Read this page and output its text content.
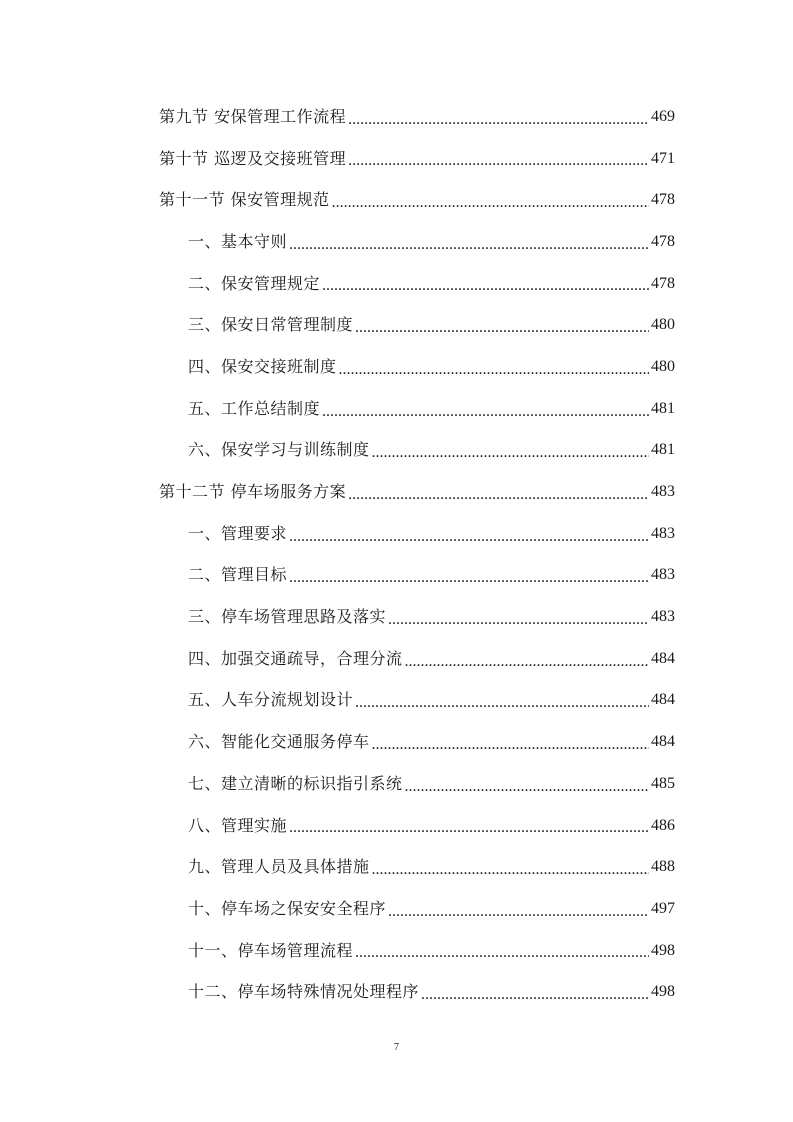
第九节 安保管理工作流程 .....	469
第十节 巡逻及交接班管理 .....	471
第十一节 保安管理规范 .....	478
一、基本守则 .....	478
二、保安管理规定 .....	478
三、保安日常管理制度 .....	480
四、保安交接班制度 .....	480
五、工作总结制度 .....	481
六、保安学习与训练制度 .....	481
第十二节 停车场服务方案 .....	483
一、管理要求 .....	483
二、管理目标 .....	483
三、停车场管理思路及落实 .....	483
四、加强交通疏导，合理分流 .....	484
五、人车分流规划设计 .....	484
六、智能化交通服务停车 .....	484
七、建立清晰的标识指引系统 .....	485
八、管理实施 .....	486
九、管理人员及具体措施 .....	488
十、停车场之保安安全程序 .....	497
十一、停车场管理流程 .....	498
十二、停车场特殊情况处理程序 .....	498
7
